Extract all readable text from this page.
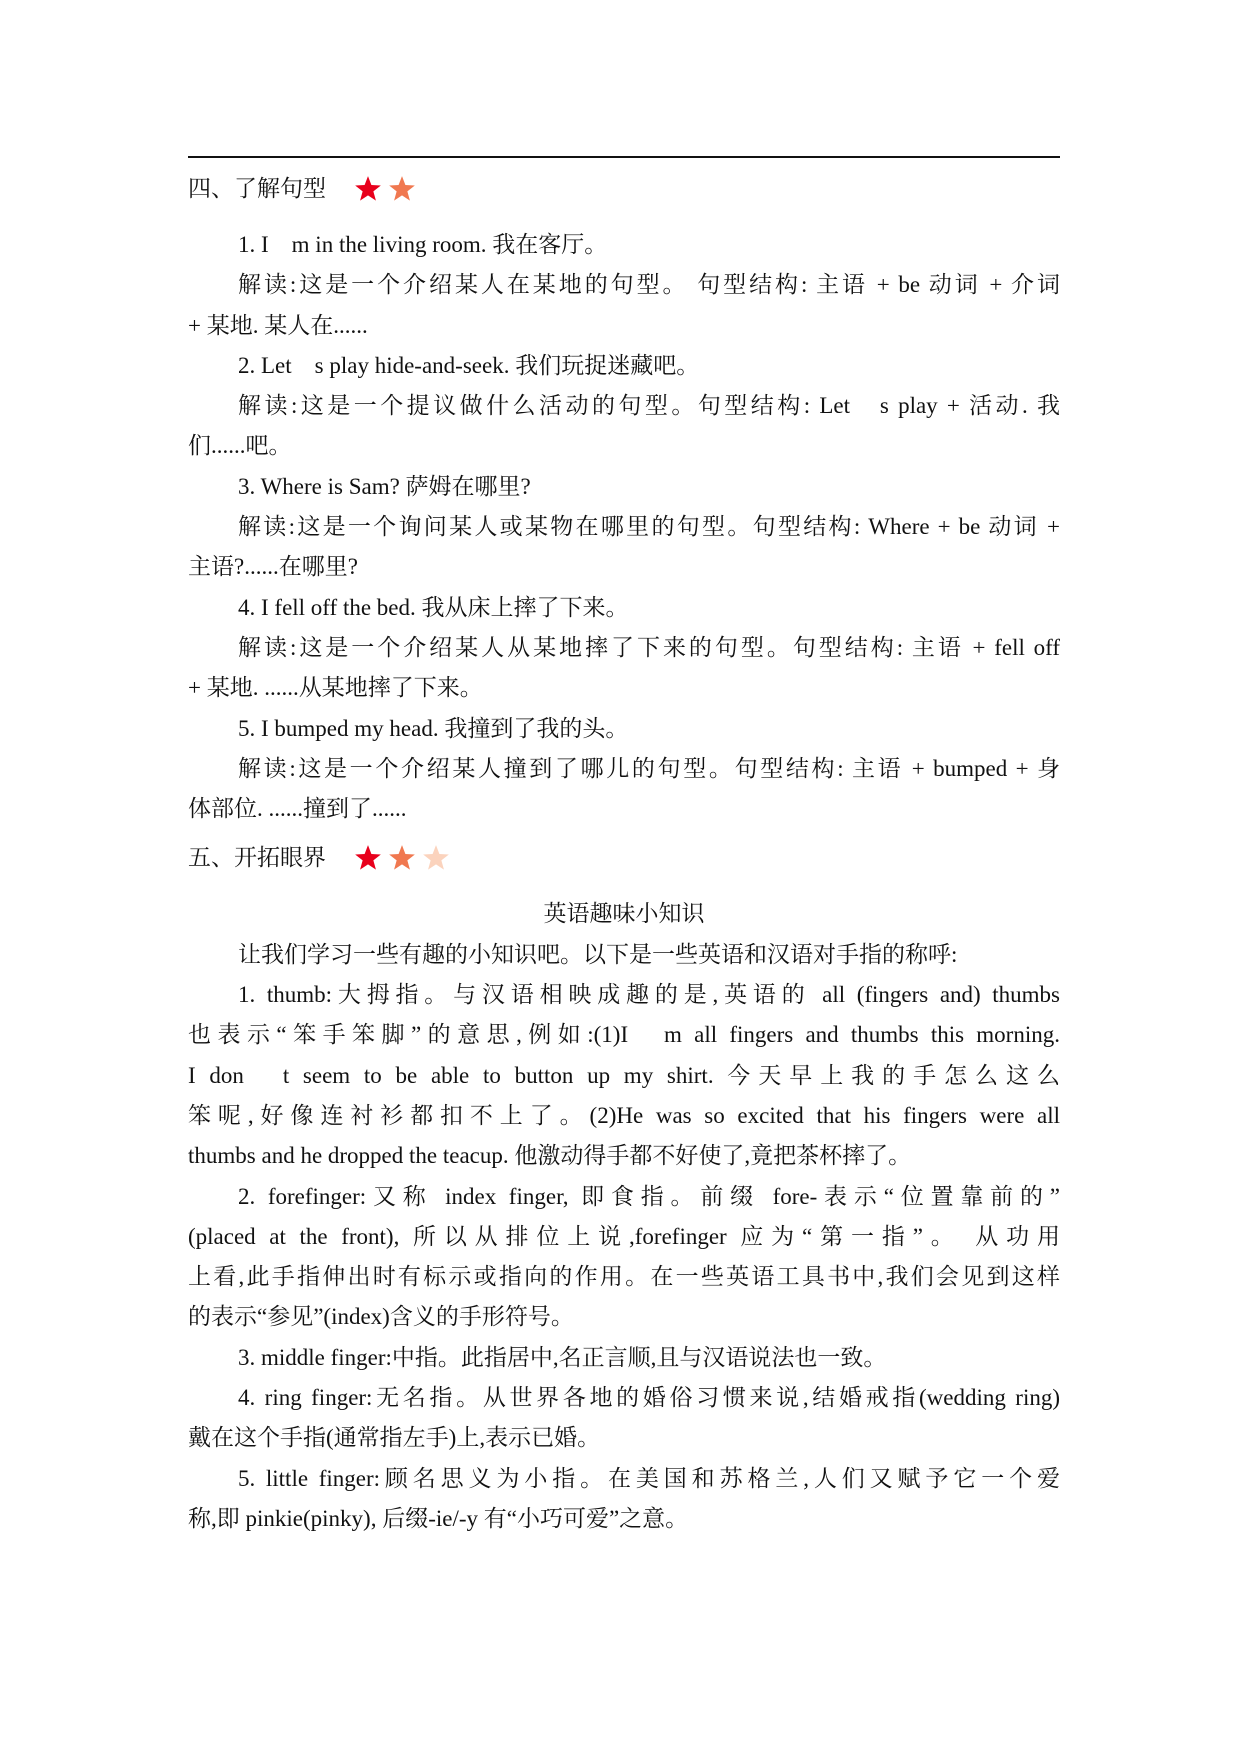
四、了解句型
1. I　m in the living room. 我在客厅。
解读:这是一个介绍某人在某地的句型。 句型结构: 主语 + be 动词 + 介词
+ 某地. 某人在......
2. Let　s play hide-and-seek. 我们玩捉迷藏吧。
解读:这是一个提议做什么活动的句型。句型结构: Let　s play + 活动. 我
们......吧。
3. Where is Sam? 萨姆在哪里?
解读:这是一个询问某人或某物在哪里的句型。句型结构: Where + be 动词 +
主语?......在哪里?
4. I fell off the bed. 我从床上摔了下来。
解读:这是一个介绍某人从某地摔了下来的句型。句型结构: 主语 + fell off
+ 某地. ......从某地摔了下来。
5. I bumped my head. 我撞到了我的头。
解读:这是一个介绍某人撞到了哪儿的句型。句型结构: 主语 + bumped + 身
体部位. ......撞到了......
五、开拓眼界
英语趣味小知识
让我们学习一些有趣的小知识吧。以下是一些英语和汉语对手指的称呼:
1. thumb:大拇指。与汉语相映成趣的是,英语的 all (fingers and) thumbs
也表示“笨手笨脚”的意思,例如:(1)I　m all fingers and thumbs this morning.
I don　t seem to be able to button up my shirt. 今天早上我的手怎么这么
笨呢,好像连衬衫都扣不上了。(2)He was so excited that his fingers were all
thumbs and he dropped the teacup. 他激动得手都不好使了,竟把茶杯摔了。
2. forefinger:又称 index finger, 即食指。前缀 fore-表示“位置靠前的”
(placed at the front), 所以从排位上说,forefinger 应为“第一指”。 从功用
上看,此手指伸出时有标示或指向的作用。在一些英语工具书中,我们会见到这样
的表示“参见”(index)含义的手形符号。
3. middle finger:中指。此指居中,名正言顺,且与汉语说法也一致。
4. ring finger:无名指。从世界各地的婚俗习惯来说,结婚戒指(wedding ring)
戴在这个手指(通常指左手)上,表示已婚。
5. little finger:顾名思义为小指。在美国和苏格兰,人们又赋予它一个爱
称,即 pinkie(pinky), 后缀-ie/-y 有“小巧可爱”之意。
